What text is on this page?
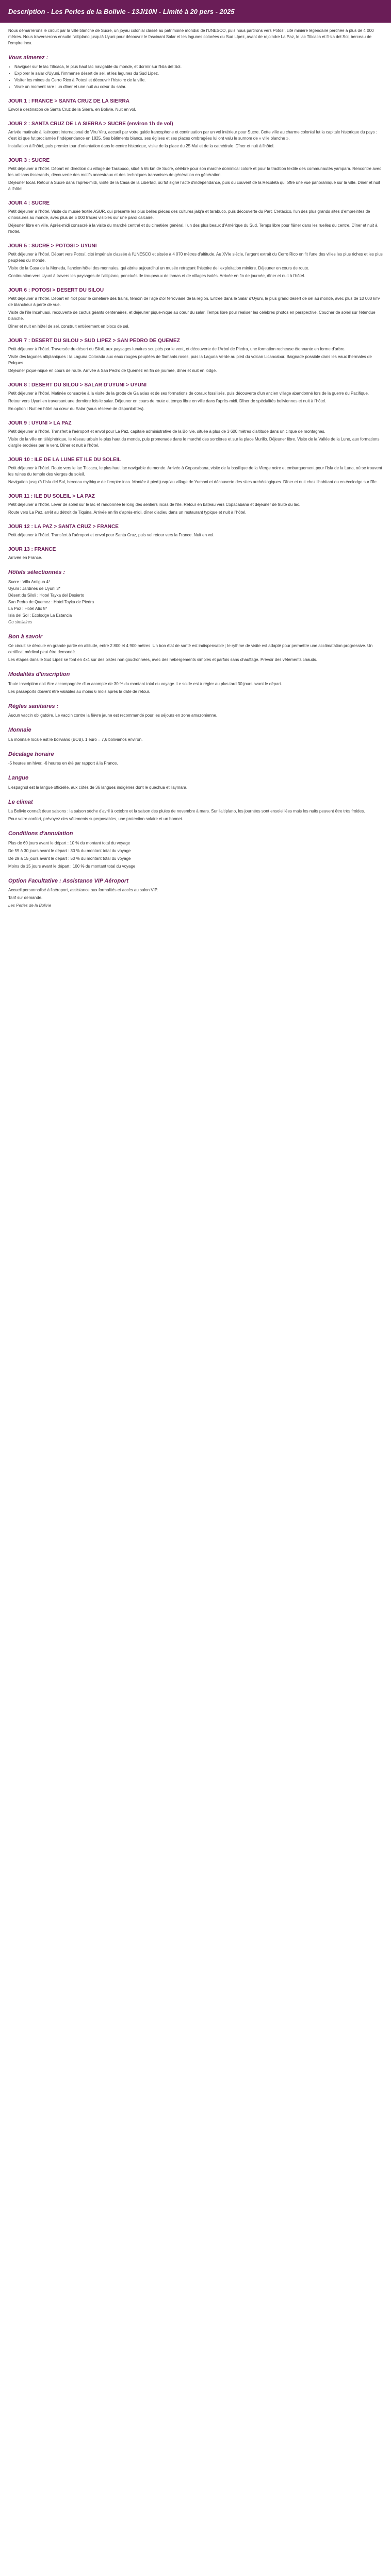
Description - Les Perles de la Bolivie - 13J/10N - Limité à 20 pers - 2025

Nous démarrerons le circuit par la ville blanche de Sucre, un joyau colonial classé au patrimoine mondial de l'UNESCO, puis nous partirons vers Potosí, cité minière légendaire perchée à plus de 4 000 mètres. Nous traverserons ensuite l'altiplano jusqu'à Uyuni pour découvrir le fascinant Salar et les lagunes colorées du Sud Lípez, avant de rejoindre La Paz, le lac Titicaca et l'Isla del Sol, berceau de l'empire inca.

Vous aimerez :
• Naviguer sur le lac Titicaca, le plus haut lac navigable du monde, et dormir sur l'Isla del Sol.
• Explorer le salar d'Uyuni, l'immense désert de sel, et les lagunes du Sud Lípez.
• Visiter les mines du Cerro Rico à Potosí et découvrir l'histoire de la ville.
• Vivre un moment rare : un dîner et une nuit au cœur du salar.
JOUR 1 : FRANCE > SANTA CRUZ DE LA SIERRA

Envol à destination de Santa Cruz de la Sierra, en Bolivie. Nuit en vol.

JOUR 2 : SANTA CRUZ DE LA SIERRA > SUCRE (environ 1h de vol)

Arrivée matinale à l'aéroport international de Viru Viru, accueil par votre guide francophone et continuation par un vol intérieur pour Sucre. Cette ville au charme colonial fut la capitale historique du pays : c'est ici que fut proclamée l'indépendance en 1825. Ses bâtiments blancs, ses églises et ses places ombragées lui ont valu le surnom de « ville blanche ».

Installation à l'hôtel, puis premier tour d'orientation dans le centre historique, visite de la place du 25 Mai et de la cathédrale. Dîner et nuit à l'hôtel.

JOUR 3 : SUCRE

Petit déjeuner à l'hôtel. Départ en direction du village de Tarabuco, situé à 65 km de Sucre, célèbre pour son marché dominical coloré et pour la tradition textile des communautés yampara. Rencontre avec les artisans tisserands, découverte des motifs ancestraux et des techniques transmises de génération en génération.

Déjeuner local. Retour à Sucre dans l'après-midi, visite de la Casa de la Libertad, où fut signé l'acte d'indépendance, puis du couvent de la Recoleta qui offre une vue panoramique sur la ville. Dîner et nuit à l'hôtel.

JOUR 4 : SUCRE

Petit déjeuner à l'hôtel. Visite du musée textile ASUR, qui présente les plus belles pièces des cultures jalq'a et tarabuco, puis découverte du Parc Cretácico, l'un des plus grands sites d'empreintes de dinosaures au monde, avec plus de 5 000 traces visibles sur une paroi calcaire.

Déjeuner libre en ville. Après-midi consacré à la visite du marché central et du cimetière général, l'un des plus beaux d'Amérique du Sud. Temps libre pour flâner dans les ruelles du centre. Dîner et nuit à l'hôtel.

JOUR 5 : SUCRE > POTOSI > UYUNI

Petit déjeuner à l'hôtel. Départ vers Potosí, cité impériale classée à l'UNESCO et située à 4 070 mètres d'altitude. Au XVIe siècle, l'argent extrait du Cerro Rico en fit l'une des villes les plus riches et les plus peuplées du monde.

Visite de la Casa de la Moneda, l'ancien hôtel des monnaies, qui abrite aujourd'hui un musée retraçant l'histoire de l'exploitation minière. Déjeuner en cours de route.

Continuation vers Uyuni à travers les paysages de l'altiplano, ponctués de troupeaux de lamas et de villages isolés. Arrivée en fin de journée, dîner et nuit à l'hôtel.

JOUR 6 : POTOSI > DESERT DU SILOU

Petit déjeuner à l'hôtel. Départ en 4x4 pour le cimetière des trains, témoin de l'âge d'or ferroviaire de la région. Entrée dans le Salar d'Uyuni, le plus grand désert de sel au monde, avec plus de 10 000 km² de blancheur à perte de vue.

Visite de l'île Incahuasi, recouverte de cactus géants centenaires, et déjeuner pique-nique au cœur du salar. Temps libre pour réaliser les célèbres photos en perspective. Coucher de soleil sur l'étendue blanche.

Dîner et nuit en hôtel de sel, construit entièrement en blocs de sel.

JOUR 7 : DESERT DU SILOU > SUD LIPEZ > SAN PEDRO DE QUEMEZ

Petit déjeuner à l'hôtel. Traversée du désert du Siloli, aux paysages lunaires sculptés par le vent, et découverte de l'Arbol de Piedra, une formation rocheuse étonnante en forme d'arbre.

Visite des lagunes altiplaniques : la Laguna Colorada aux eaux rouges peuplées de flamants roses, puis la Laguna Verde au pied du volcan Licancabur. Baignade possible dans les eaux thermales de Polques.

Déjeuner pique-nique en cours de route. Arrivée à San Pedro de Quemez en fin de journée, dîner et nuit en lodge.

JOUR 8 : DESERT DU SILOU > SALAR D'UYUNI > UYUNI

Petit déjeuner à l'hôtel. Matinée consacrée à la visite de la grotte de Galaxias et de ses formations de coraux fossilisés, puis découverte d'un ancien village abandonné lors de la guerre du Pacifique.

Retour vers Uyuni en traversant une dernière fois le salar. Déjeuner en cours de route et temps libre en ville dans l'après-midi. Dîner de spécialités boliviennes et nuit à l'hôtel.

En option : Nuit en hôtel au cœur du Salar (sous réserve de disponibilités).

JOUR 9 : UYUNI > LA PAZ

Petit déjeuner à l'hôtel. Transfert à l'aéroport et envol pour La Paz, capitale administrative de la Bolivie, située à plus de 3 600 mètres d'altitude dans un cirque de montagnes.

Visite de la ville en téléphérique, le réseau urbain le plus haut du monde, puis promenade dans le marché des sorcières et sur la place Murillo. Déjeuner libre. Visite de la Vallée de la Lune, aux formations d'argile érodées par le vent. Dîner et nuit à l'hôtel.

JOUR 10 : ILE DE LA LUNE ET ILE DU SOLEIL

Petit déjeuner à l'hôtel. Route vers le lac Titicaca, le plus haut lac navigable du monde. Arrivée à Copacabana, visite de la basilique de la Vierge noire et embarquement pour l'Isla de la Luna, où se trouvent les ruines du temple des vierges du soleil.

Navigation jusqu'à l'Isla del Sol, berceau mythique de l'empire inca. Montée à pied jusqu'au village de Yumani et découverte des sites archéologiques. Dîner et nuit chez l'habitant ou en écolodge sur l'île.

JOUR 11 : ILE DU SOLEIL > LA PAZ

Petit déjeuner à l'hôtel. Lever de soleil sur le lac et randonnée le long des sentiers incas de l'île. Retour en bateau vers Copacabana et déjeuner de truite du lac.

Route vers La Paz, arrêt au détroit de Tiquina. Arrivée en fin d'après-midi, dîner d'adieu dans un restaurant typique et nuit à l'hôtel.

JOUR 12 : LA PAZ > SANTA CRUZ > FRANCE

Petit déjeuner à l'hôtel. Transfert à l'aéroport et envol pour Santa Cruz, puis vol retour vers la France. Nuit en vol.

JOUR 13 : FRANCE

Arrivée en France.

Hôtels sélectionnés :

Sucre : Villa Antigua 4*

Uyuni : Jardines de Uyuni 3*

Désert du Siloli : Hotel Tayka del Desierto

San Pedro de Quemez : Hotel Tayka de Piedra

La Paz : Hotel Atix 5*

Isla del Sol : Ecolodge La Estancia

Ou similaires

Bon à savoir

Ce circuit se déroule en grande partie en altitude, entre 2 800 et 4 900 mètres. Un bon état de santé est indispensable ; le rythme de visite est adapté pour permettre une acclimatation progressive. Un certificat médical peut être demandé.

Les étapes dans le Sud Lípez se font en 4x4 sur des pistes non goudronnées, avec des hébergements simples et parfois sans chauffage. Prévoir des vêtements chauds.

Modalités d'inscription

Toute inscription doit être accompagnée d'un acompte de 30 % du montant total du voyage. Le solde est à régler au plus tard 30 jours avant le départ.

Les passeports doivent être valables au moins 6 mois après la date de retour.

Règles sanitaires :

Aucun vaccin obligatoire. Le vaccin contre la fièvre jaune est recommandé pour les séjours en zone amazonienne.

Monnaie

La monnaie locale est le boliviano (BOB). 1 euro = 7,6 bolivianos environ.

Décalage horaire

-5 heures en hiver, -6 heures en été par rapport à la France.

Langue

L'espagnol est la langue officielle, aux côtés de 36 langues indigènes dont le quechua et l'aymara.

Le climat

La Bolivie connaît deux saisons : la saison sèche d'avril à octobre et la saison des pluies de novembre à mars. Sur l'altiplano, les journées sont ensoleillées mais les nuits peuvent être très froides.

Pour votre confort, prévoyez des vêtements superposables, une protection solaire et un bonnet.

Conditions d'annulation

Plus de 60 jours avant le départ : 10 % du montant total du voyage

De 59 à 30 jours avant le départ : 30 % du montant total du voyage

De 29 à 15 jours avant le départ : 50 % du montant total du voyage

Moins de 15 jours avant le départ : 100 % du montant total du voyage

Option Facultative : Assistance VIP Aéroport

Accueil personnalisé à l'aéroport, assistance aux formalités et accès au salon VIP.

Tarif sur demande.

Les Perles de la Bolivie
